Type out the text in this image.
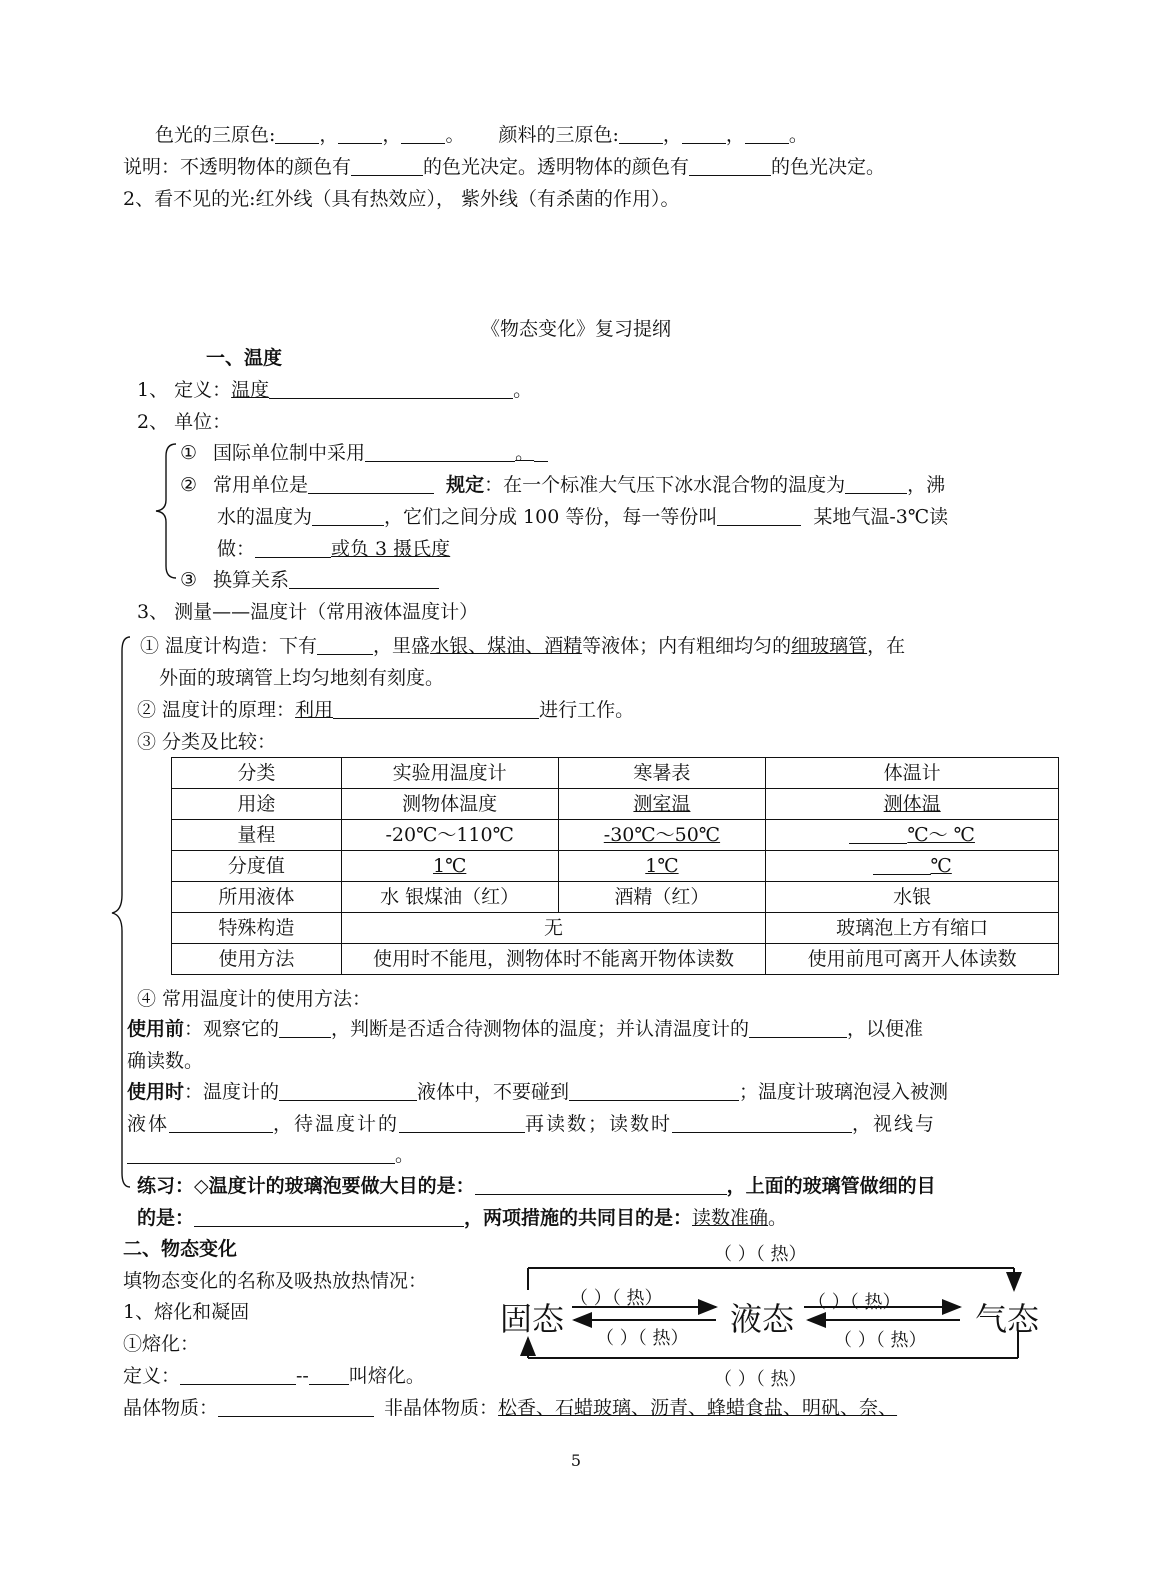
色光的三原色: ， ， 。 颜料的三原色: ， ， 。
说明：不透明物体的颜色有	的色光决定。透明物体的颜色有	的色光决定。
2、看不见的光:红外线（具有热效应）， 紫外线（有杀菌的作用）。
《物态变化》复习提纲
一、温度
1、 定义：温度	。
2、 单位：
① 国际单位制中采用	。
② 常用单位是	规定：在一个标准大气压下冰水混合物的温度为	，沸
水的温度为	，它们之间分成 100 等份，每一等份叫	某地气温-3℃读
做：	或负 3 摄氏度
③ 换算关系
3、 测量——温度计（常用液体温度计）
① 温度计构造：下有	，里盛水银、煤油、酒精等液体；内有粗细均匀的细玻璃管，在
外面的玻璃管上均匀地刻有刻度。
② 温度计的原理：利用	进行工作。
③ 分类及比较：
分类	实验用温度计	寒暑表	体温计
用途	测物体温度	测室温	测体温
量程	-20℃～110℃	-30℃～50℃	℃～ ℃
分度值	1℃	1℃	℃
所用液体	水 银煤油（红）	酒精（红）	水银
特殊构造	无		玻璃泡上方有缩口
使用方法	使用时不能甩，测物体时不能离开物体读数		使用前甩可离开人体读数
④ 常用温度计的使用方法：
使用前：观察它的	，判断是否适合待测物体的温度；并认清温度计的	，以便准
确读数。
使用时：温度计的	液体中，不要碰到	；温度计玻璃泡浸入被测
液体	，待温度计的	再读数；读数时	，视线与
。
练习：◇温度计的玻璃泡要做大目的是：	，上面的玻璃管做细的目
的是：	，两项措施的共同目的是：读数准确。
二、物态变化
填物态变化的名称及吸热放热情况：
1、熔化和凝固
①熔化：
定义：	-- 叫熔化。
晶体物质：	非晶体物质：松香、石蜡玻璃、沥青、蜂蜡食盐、明矾、奈、
固态	液态	气态
（ ）（ 热）
（ ）（ 热）	（ ）（ 热）
（ ）（ 热）	（ ）（ 热）
（ ）（ 热）
5
